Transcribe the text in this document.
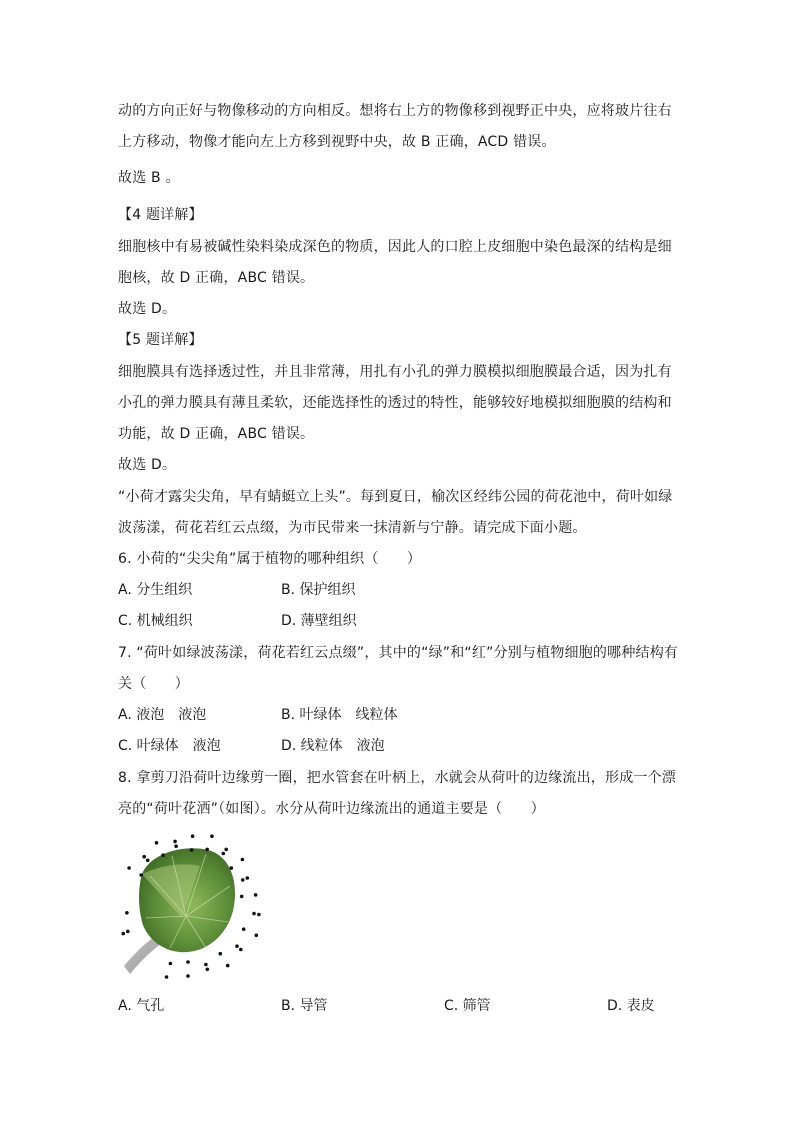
动的方向正好与物像移动的方向相反。想将右上方的物像移到视野正中央，应将玻片往右
上方移动，物像才能向左上方移到视野中央，故 B 正确，ACD 错误。
故选 B 。
【4 题详解】
细胞核中有易被碱性染料染成深色的物质，因此人的口腔上皮细胞中染色最深的结构是细
胞核，故 D 正确，ABC 错误。
故选 D。
【5 题详解】
细胞膜具有选择透过性，并且非常薄，用扎有小孔的弹力膜模拟细胞膜最合适，因为扎有
小孔的弹力膜具有薄且柔软，还能选择性的透过的特性，能够较好地模拟细胞膜的结构和
功能，故 D 正确，ABC 错误。
故选 D。
“小荷才露尖尖角，早有蜻蜓立上头”。每到夏日，榆次区经纬公园的荷花池中，荷叶如绿
波荡漾，荷花若红云点缀，为市民带来一抹清新与宁静。请完成下面小题。
6. 小荷的“尖尖角”属于植物的哪种组织（　　）
A. 分生组织	B. 保护组织
C. 机械组织	D. 薄壁组织
7. “荷叶如绿波荡漾，荷花若红云点缀”，其中的“绿”和“红”分别与植物细胞的哪种结构有
关（　　）
A. 液泡　液泡	B. 叶绿体　线粒体
C. 叶绿体　液泡	D. 线粒体　液泡
8. 拿剪刀沿荷叶边缘剪一圈，把水管套在叶柄上，水就会从荷叶的边缘流出，形成一个漂
亮的“荷叶花洒”（如图）。水分从荷叶边缘流出的通道主要是（　　）
A. 气孔	B. 导管	C. 筛管	D. 表皮
